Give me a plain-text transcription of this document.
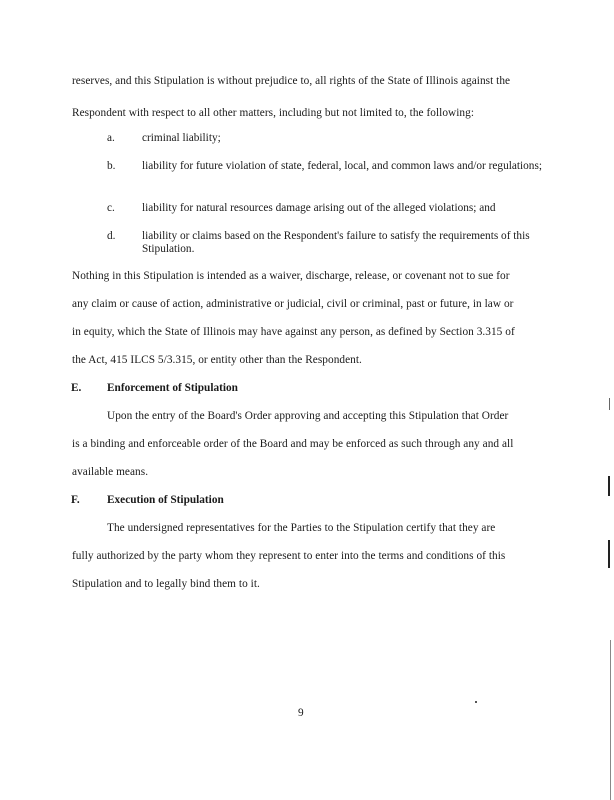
reserves, and this Stipulation is without prejudice to, all rights of the State of Illinois against the
Respondent with respect to all other matters, including but not limited to, the following:
a. criminal liability;
b. liability for future violation of state, federal, local, and common laws and/or regulations;
c. liability for natural resources damage arising out of the alleged violations; and
d. liability or claims based on the Respondent's failure to satisfy the requirements of this Stipulation.
Nothing in this Stipulation is intended as a waiver, discharge, release, or covenant not to sue for
any claim or cause of action, administrative or judicial, civil or criminal, past or future, in law or
in equity, which the State of Illinois may have against any person, as defined by Section 3.315 of
the Act, 415 ILCS 5/3.315, or entity other than the Respondent.
E. Enforcement of Stipulation
Upon the entry of the Board's Order approving and accepting this Stipulation that Order
is a binding and enforceable order of the Board and may be enforced as such through any and all
available means.
F. Execution of Stipulation
The undersigned representatives for the Parties to the Stipulation certify that they are
fully authorized by the party whom they represent to enter into the terms and conditions of this
Stipulation and to legally bind them to it.
9
